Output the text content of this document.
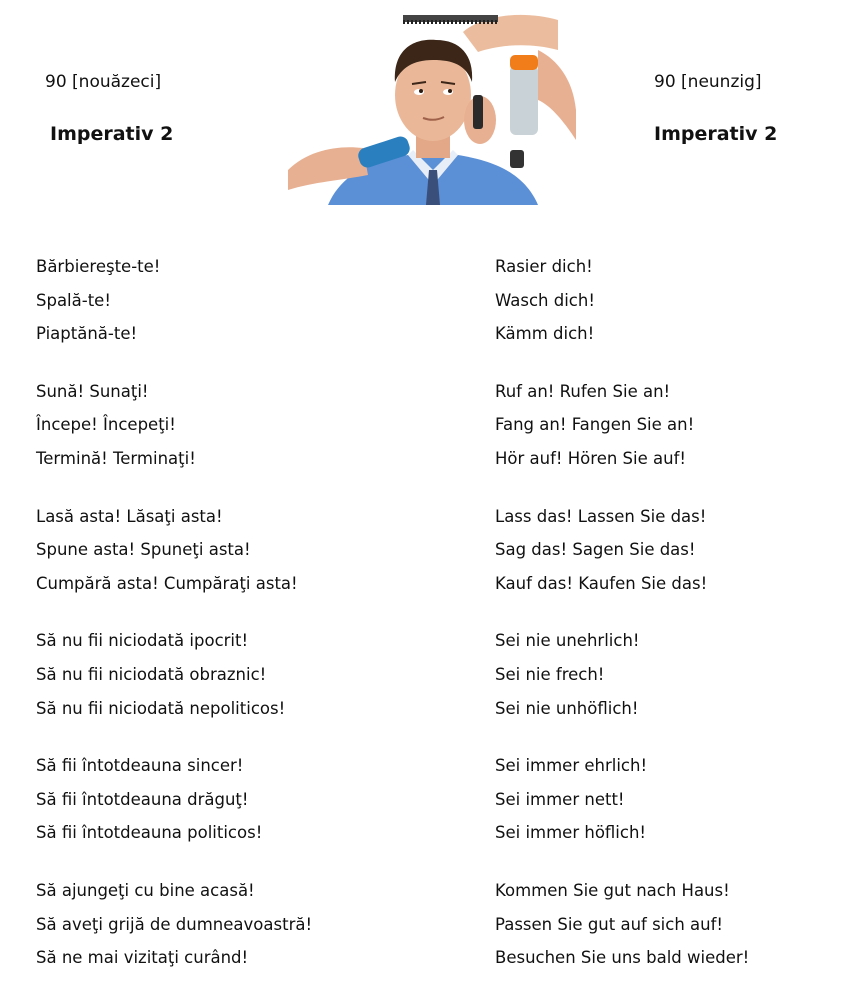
90 [nouăzeci]
Imperativ 2
90 [neunzig]
Imperativ 2
Bărbiereşte-te!
Spală-te!
Piaptănă-te!
Sună! Sunaţi!
Începe! Începeţi!
Termină! Terminaţi!
Lasă asta! Lăsaţi asta!
Spune asta! Spuneţi asta!
Cumpără asta! Cumpăraţi asta!
Să nu fii niciodată ipocrit!
Să nu fii niciodată obraznic!
Să nu fii niciodată nepoliticos!
Să fii întotdeauna sincer!
Să fii întotdeauna drăguţ!
Să fii întotdeauna politicos!
Să ajungeţi cu bine acasă!
Să aveţi grijă de dumneavoastră!
Să ne mai vizitaţi curând!
Rasier dich!
Wasch dich!
Kämm dich!
Ruf an! Rufen Sie an!
Fang an! Fangen Sie an!
Hör auf! Hören Sie auf!
Lass das! Lassen Sie das!
Sag das! Sagen Sie das!
Kauf das! Kaufen Sie das!
Sei nie unehrlich!
Sei nie frech!
Sei nie unhöflich!
Sei immer ehrlich!
Sei immer nett!
Sei immer höflich!
Kommen Sie gut nach Haus!
Passen Sie gut auf sich auf!
Besuchen Sie uns bald wieder!
